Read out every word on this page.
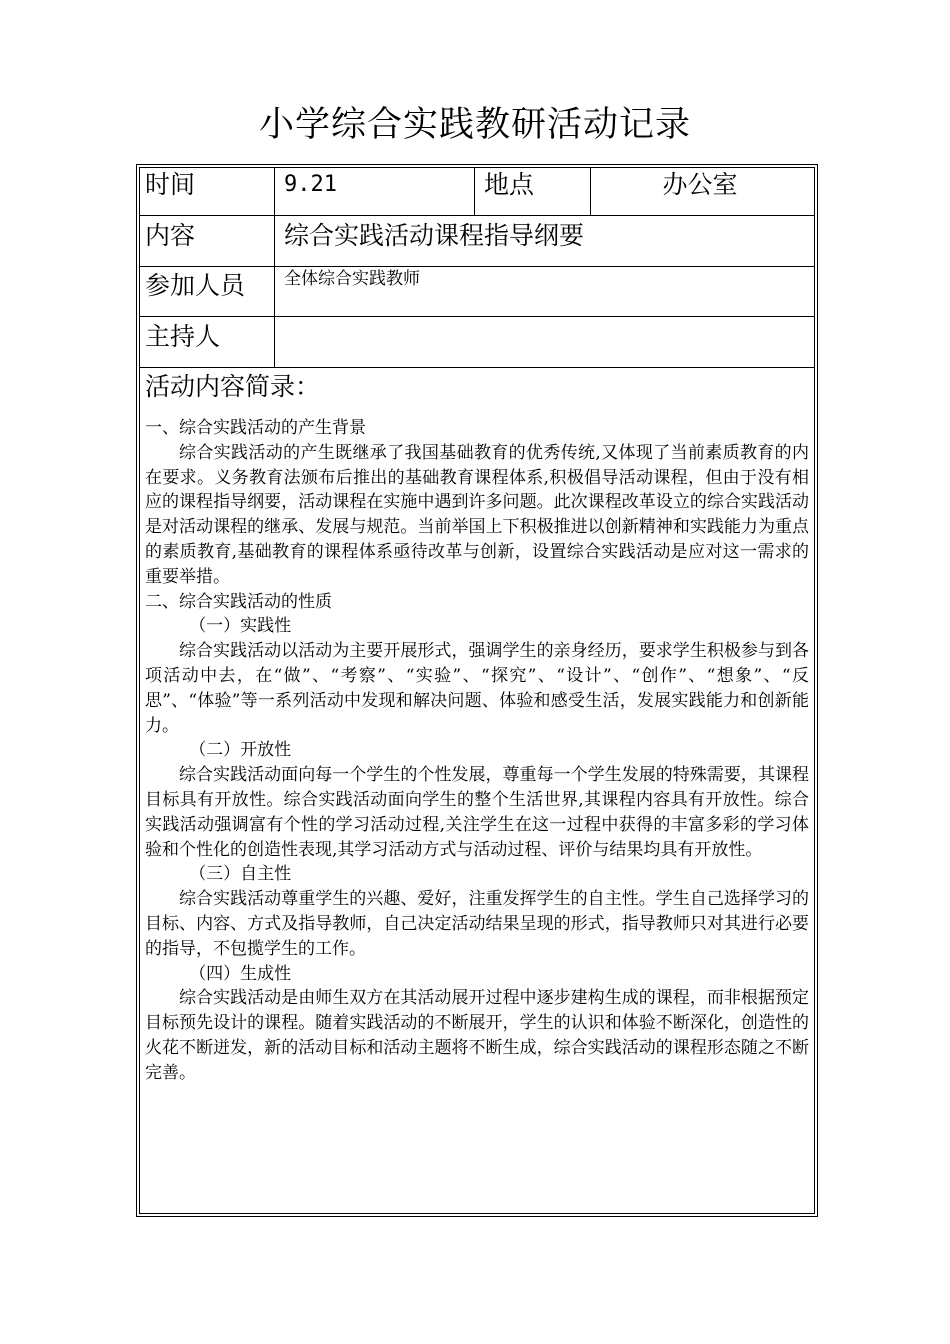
小学综合实践教研活动记录
时间	9.21	地点	办公室
内容	综合实践活动课程指导纲要
参加人员 全体综合实践教师
主持人
活动内容简录：

一、综合实践活动的产生背景

综合实践活动的产生既继承了我国基础教育的优秀传统,又体现了当前素质教育的内在要求。义务教育法颁布后推出的基础教育课程体系,积极倡导活动课程，但由于没有相应的课程指导纲要，活动课程在实施中遇到许多问题。此次课程改革设立的综合实践活动是对活动课程的继承、发展与规范。当前举国上下积极推进以创新精神和实践能力为重点的素质教育,基础教育的课程体系亟待改革与创新，设置综合实践活动是应对这一需求的重要举措。

二、综合实践活动的性质

（一）实践性

综合实践活动以活动为主要开展形式，强调学生的亲身经历，要求学生积极参与到各项活动中去，在“做”、“考察”、“实验”、“探究”、“设计”、“创作”、“想象”、“反思”、“体验”等一系列活动中发现和解决问题、体验和感受生活，发展实践能力和创新能力。

（二）开放性

综合实践活动面向每一个学生的个性发展，尊重每一个学生发展的特殊需要，其课程目标具有开放性。综合实践活动面向学生的整个生活世界,其课程内容具有开放性。综合实践活动强调富有个性的学习活动过程,关注学生在这一过程中获得的丰富多彩的学习体验和个性化的创造性表现,其学习活动方式与活动过程、评价与结果均具有开放性。

（三）自主性

综合实践活动尊重学生的兴趣、爱好，注重发挥学生的自主性。学生自己选择学习的目标、内容、方式及指导教师，自己决定活动结果呈现的形式，指导教师只对其进行必要的指导，不包揽学生的工作。

（四）生成性

综合实践活动是由师生双方在其活动展开过程中逐步建构生成的课程，而非根据预定目标预先设计的课程。随着实践活动的不断展开，学生的认识和体验不断深化，创造性的火花不断迸发，新的活动目标和活动主题将不断生成，综合实践活动的课程形态随之不断完善。
